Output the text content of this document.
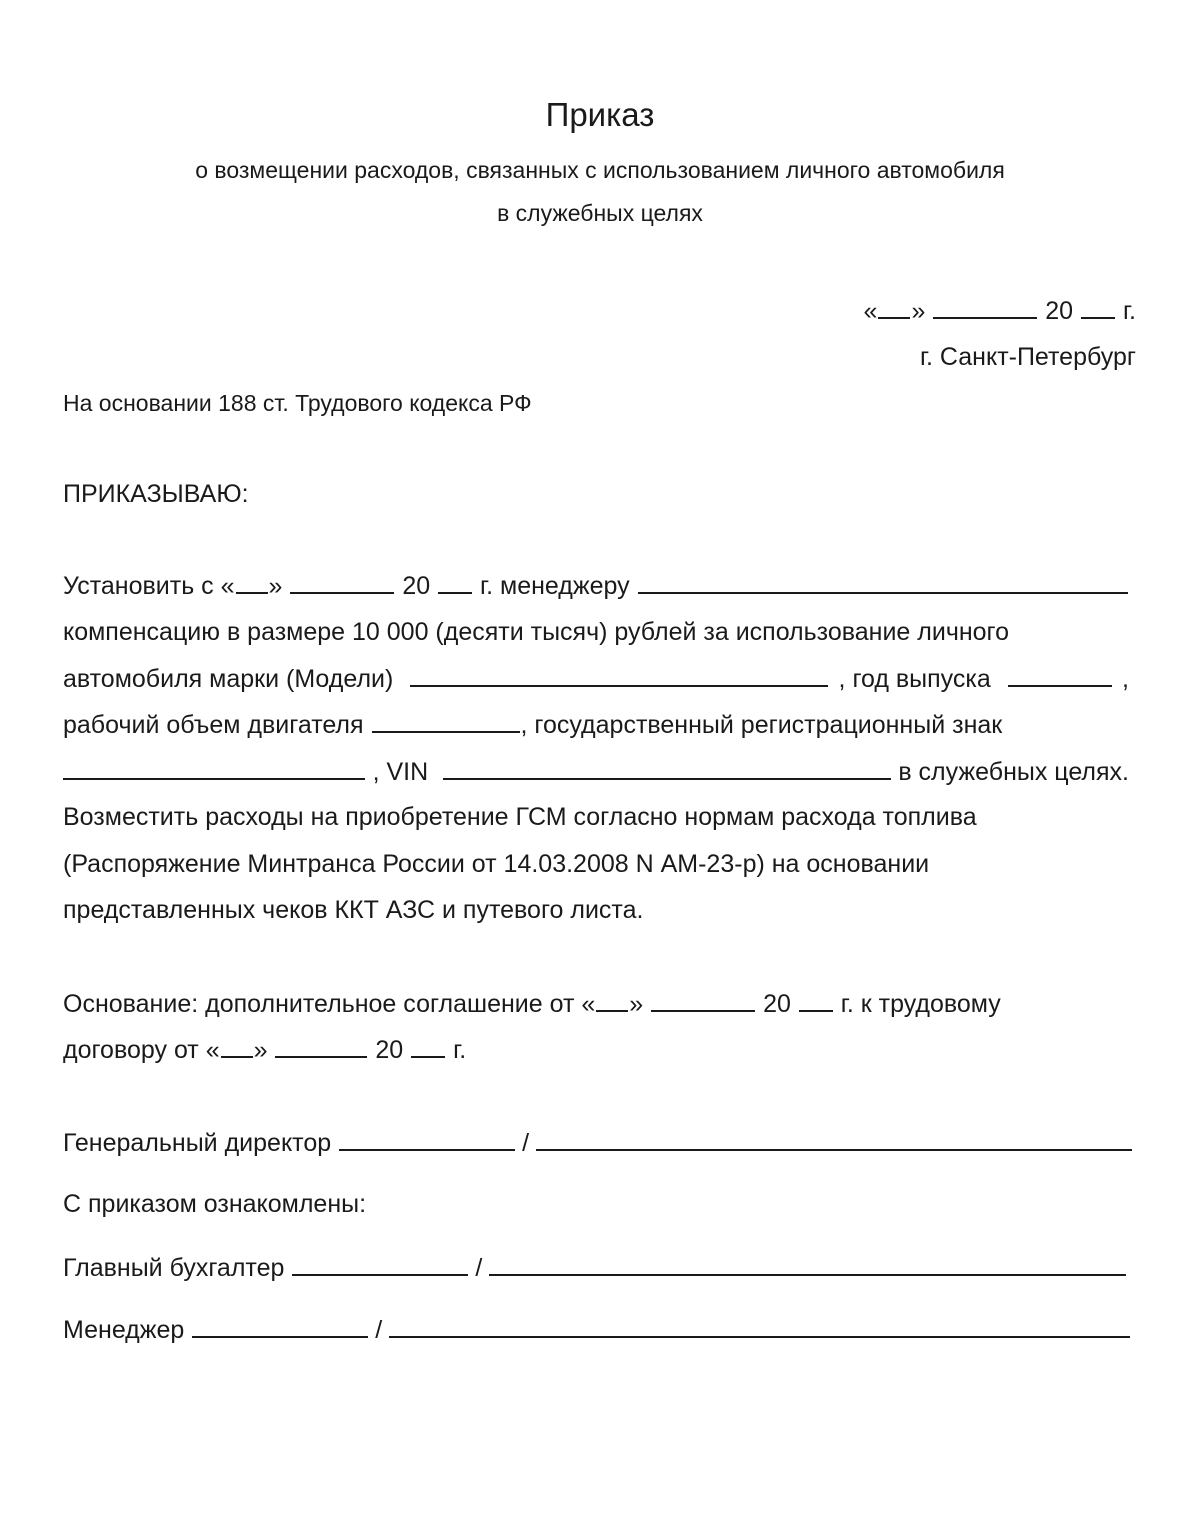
Приказ
о возмещении расходов, связанных с использованием личного автомобиля
в служебных целях
« »	20 г.
г. Санкт-Петербург
На основании 188 ст. Трудового кодекса РФ
ПРИКАЗЫВАЮ:
Установить с « »	20 г. менеджеру
компенсацию в размере 10 000 (десяти тысяч) рублей за использование личного
автомобиля марки (Модели)	, год выпуска	,
рабочий объем двигателя	, государственный регистрационный знак
, VIN	в служебных целях.
Возместить расходы на приобретение ГСМ согласно нормам расхода топлива
(Распоряжение Минтранса России от 14.03.2008 N АМ-23-р) на основании
представленных чеков ККТ АЗС и путевого листа.
Основание: дополнительное соглашение от « »	20 г. к трудовому
договору от « »	20 г.
Генеральный директор	/
С приказом ознакомлены:
Главный бухгалтер	/
Менеджер	/
